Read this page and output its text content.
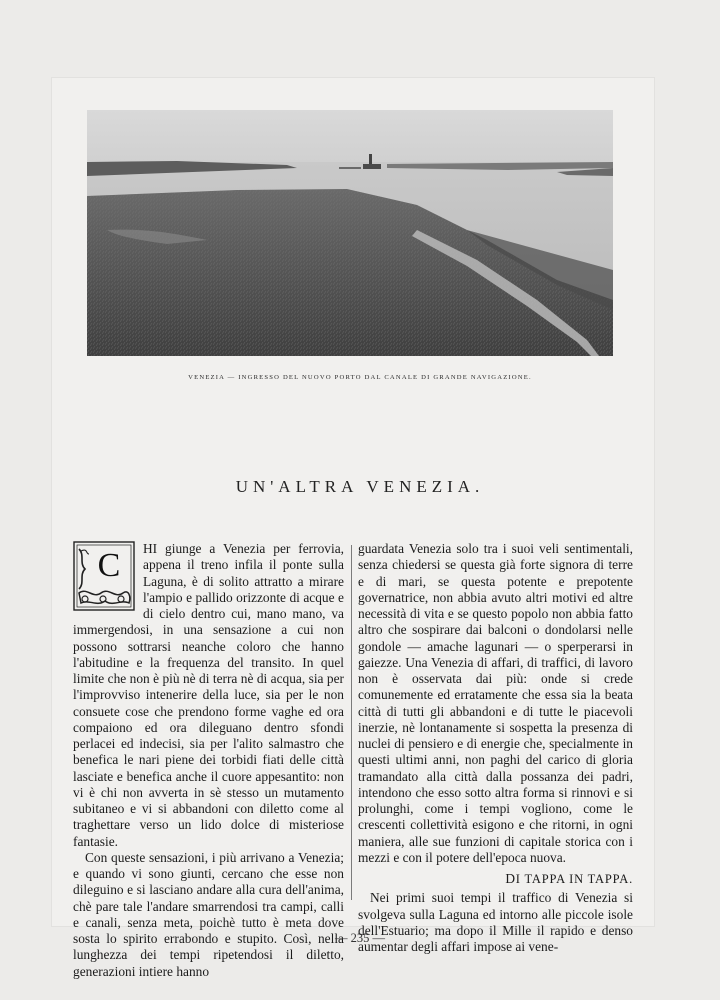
VENEZIA — INGRESSO DEL NUOVO PORTO DAL CANALE DI GRANDE NAVIGAZIONE.
UN'ALTRA VENEZIA.
C	HI giunge a Venezia per ferrovia, appena il treno infila il ponte sulla Laguna, è di solito attratto a mirare l'ampio e pallido orizzonte di acque e di cielo dentro cui, mano mano, va immergendosi, in una sensazione a cui non possono sottrarsi neanche coloro che hanno l'abitudine e la frequenza del transito. In quel limite che non è più nè di terra nè di acqua, sia per l'improvviso intenerire della luce, sia per le non consuete cose che prendono forme vaghe ed ora compaiono ed ora dileguano dentro sfondi perlacei ed indecisi, sia per l'alito salmastro che benefica le nari piene dei torbidi fiati delle città lasciate e benefica anche il cuore appesantito: non vi è chi non avverta in sè stesso un mutamento subitaneo e vi si abbandoni con diletto come al traghettare verso un lido dolce di misteriose fantasie.

Con queste sensazioni, i più arrivano a Venezia; e quando vi sono giunti, cercano che esse non dileguino e si lasciano andare alla cura dell'anima, chè pare tale l'andare smarrendosi tra campi, calli e canali, senza meta, poichè tutto è meta dove sosta lo spirito errabondo e stupito. Così, nella lunghezza dei tempi ripetendosi il diletto, generazioni intiere hanno

guardata Venezia solo tra i suoi veli sentimentali, senza chiedersi se questa già forte signora di terre e di mari, se questa potente e prepotente governatrice, non abbia avuto altri motivi ed altre necessità di vita e se questo popolo non abbia fatto altro che sospirare dai balconi o dondolarsi nelle gondole — amache lagunari — o sperperarsi in gaiezze. Una Venezia di affari, di traffici, di lavoro non è osservata dai più: onde si crede comunemente ed erratamente che essa sia la beata città di tutti gli abbandoni e di tutte le piacevoli inerzie, nè lontanamente si sospetta la presenza di nuclei di pensiero e di energie che, specialmente in questi ultimi anni, non paghi del carico di gloria tramandato alla città dalla possanza dei padri, intendono che esso sotto altra forma si rinnovi e si prolunghi, come i tempi vogliono, come le crescenti collettività esigono e che ritorni, in ogni maniera, alle sue funzioni di capitale storica con i mezzi e con il potere dell'epoca nuova.

DI TAPPA IN TAPPA.

Nei primi suoi tempi il traffico di Venezia si svolgeva sulla Laguna ed intorno alle piccole isole dell'Estuario; ma dopo il Mille il rapido e denso aumentar degli affari impose ai vene-

— 235 —
